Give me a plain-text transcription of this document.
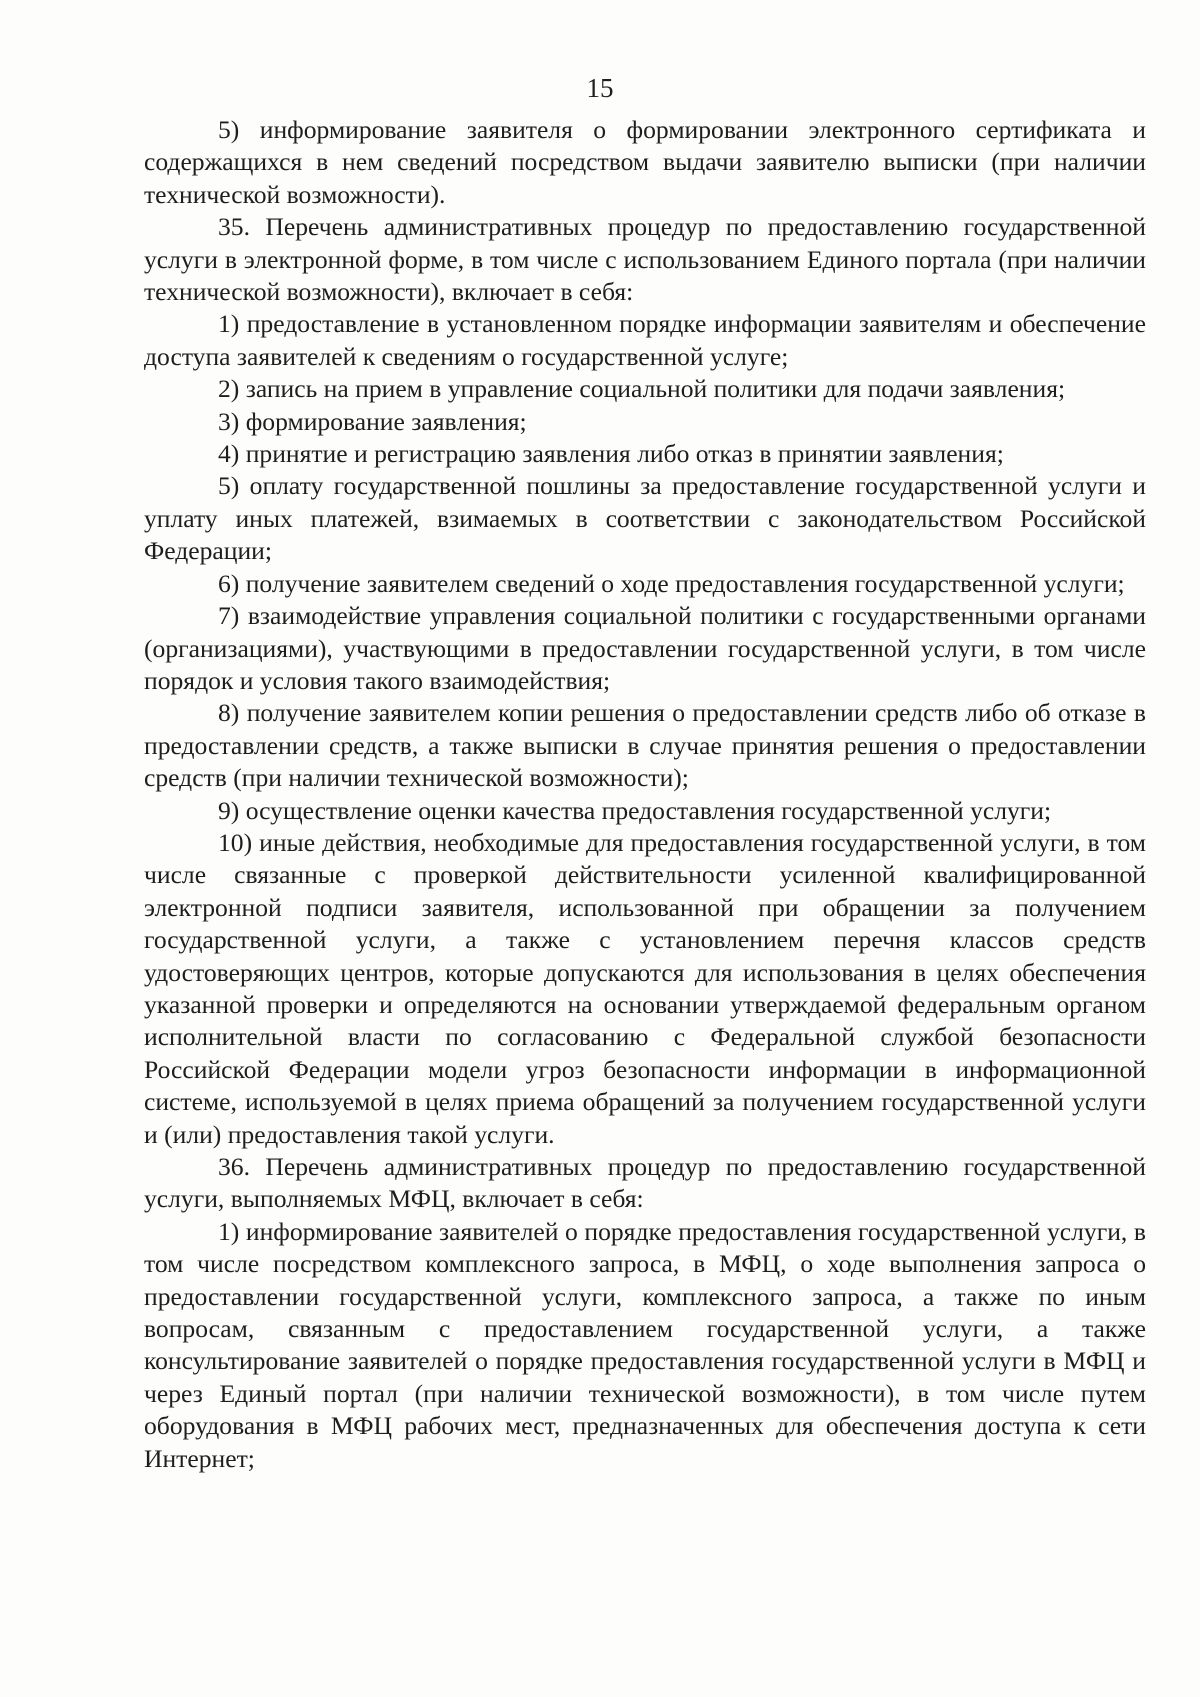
15

5) информирование заявителя о формировании электронного сертификата и содержащихся в нем сведений посредством выдачи заявителю выписки (при наличии технической возможности).

35. Перечень административных процедур по предоставлению государственной услуги в электронной форме, в том числе с использованием Единого портала (при наличии технической возможности), включает в себя:

1) предоставление в установленном порядке информации заявителям и обеспечение доступа заявителей к сведениям о государственной услуге;

2) запись на прием в управление социальной политики для подачи заявления;

3) формирование заявления;

4) принятие и регистрацию заявления либо отказ в принятии заявления;

5) оплату государственной пошлины за предоставление государственной услуги и уплату иных платежей, взимаемых в соответствии с законодательством Российской Федерации;

6) получение заявителем сведений о ходе предоставления государственной услуги;

7) взаимодействие управления социальной политики с государственными органами (организациями), участвующими в предоставлении государственной услуги, в том числе порядок и условия такого взаимодействия;

8) получение заявителем копии решения о предоставлении средств либо об отказе в предоставлении средств, а также выписки в случае принятия решения о предоставлении средств (при наличии технической возможности);

9) осуществление оценки качества предоставления государственной услуги;

10) иные действия, необходимые для предоставления государственной услуги, в том числе связанные с проверкой действительности усиленной квалифицированной электронной подписи заявителя, использованной при обращении за получением государственной услуги, а также с установлением перечня классов средств удостоверяющих центров, которые допускаются для использования в целях обеспечения указанной проверки и определяются на основании утверждаемой федеральным органом исполнительной власти по согласованию с Федеральной службой безопасности Российской Федерации модели угроз безопасности информации в информационной системе, используемой в целях приема обращений за получением государственной услуги и (или) предоставления такой услуги.

36. Перечень административных процедур по предоставлению государственной услуги, выполняемых МФЦ, включает в себя:

1) информирование заявителей о порядке предоставления государственной услуги, в том числе посредством комплексного запроса, в МФЦ, о ходе выполнения запроса о предоставлении государственной услуги, комплексного запроса, а также по иным вопросам, связанным с предоставлением государственной услуги, а также консультирование заявителей о порядке предоставления государственной услуги в МФЦ и через Единый портал (при наличии технической возможности), в том числе путем оборудования в МФЦ рабочих мест, предназначенных для обеспечения доступа к сети Интернет;
